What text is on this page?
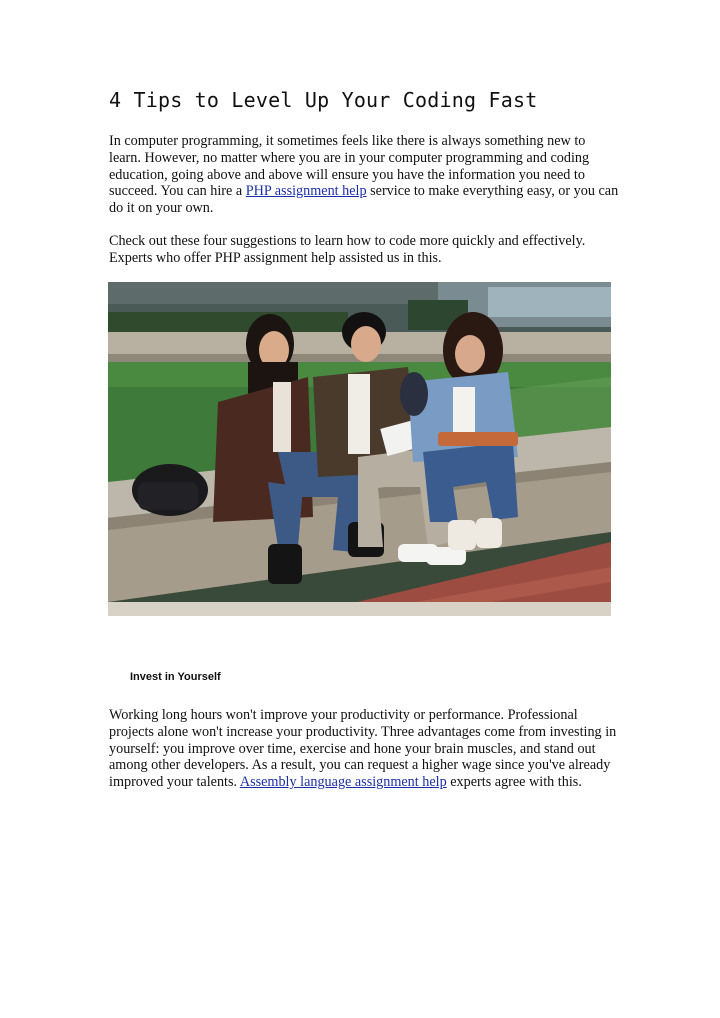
4 Tips to Level Up Your Coding Fast

In computer programming, it sometimes feels like there is always something new to learn. However, no matter where you are in your computer programming and coding education, going above and above will ensure you have the information you need to succeed. You can hire a PHP assignment help service to make everything easy, or you can do it on your own.

Check out these four suggestions to learn how to code more quickly and effectively. Experts who offer PHP assignment help assisted us in this.

Invest in Yourself

Working long hours won't improve your productivity or performance. Professional projects alone won't increase your productivity. Three advantages come from investing in yourself: you improve over time, exercise and hone your brain muscles, and stand out among other developers. As a result, you can request a higher wage since you've already improved your talents. Assembly language assignment help experts agree with this.
